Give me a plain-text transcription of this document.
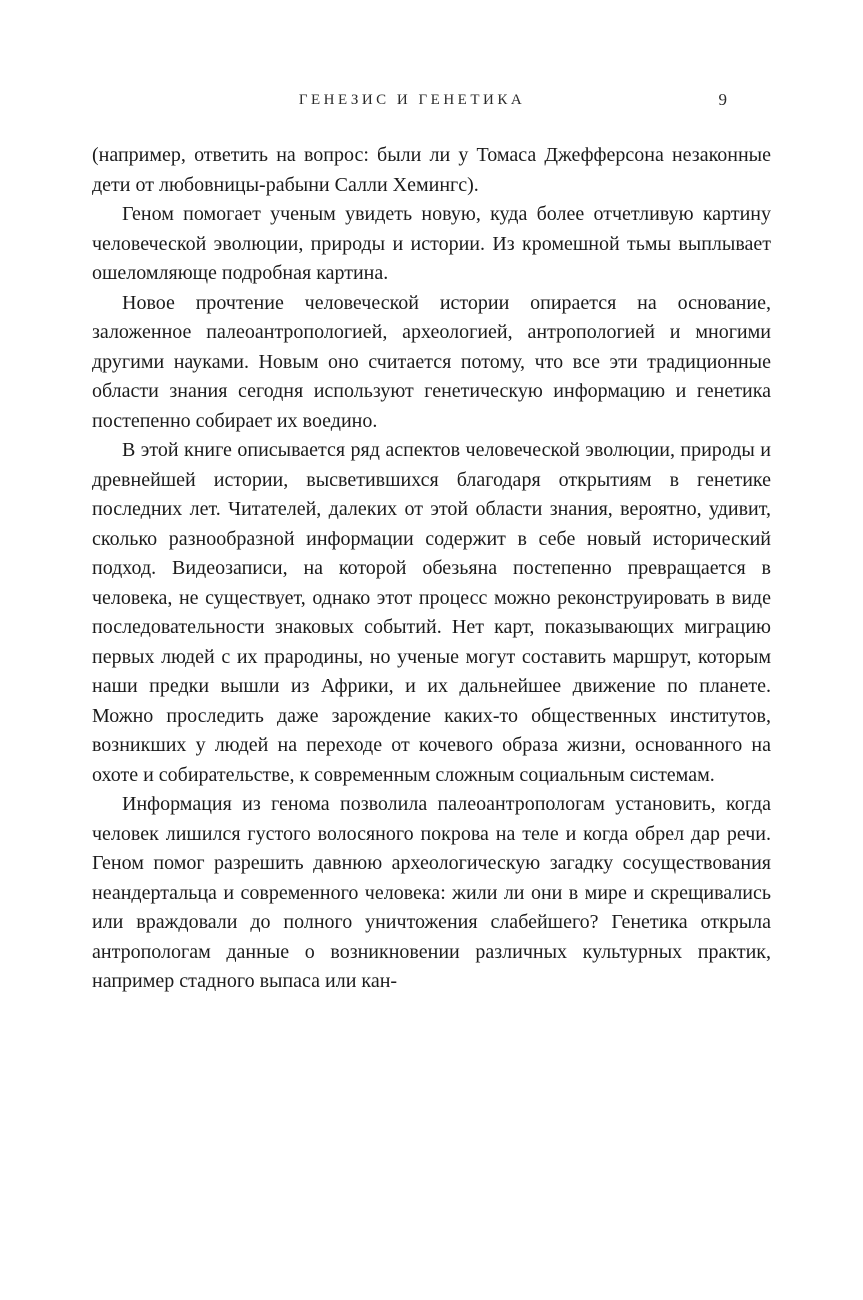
ГЕНЕЗИС И ГЕНЕТИКА	9

(например, ответить на вопрос: были ли у Томаса Джефферсона незаконные дети от любовницы-рабыни Салли Хемингс).

Геном помогает ученым увидеть новую, куда более отчетливую картину человеческой эволюции, природы и истории. Из кромешной тьмы выплывает ошеломляюще подробная картина.

Новое прочтение человеческой истории опирается на основание, заложенное палеоантропологией, археологией, антропологией и многими другими науками. Новым оно считается потому, что все эти традиционные области знания сегодня используют генетическую информацию и генетика постепенно собирает их воедино.

В этой книге описывается ряд аспектов человеческой эволюции, природы и древнейшей истории, высветившихся благодаря открытиям в генетике последних лет. Читателей, далеких от этой области знания, вероятно, удивит, сколько разнообразной информации содержит в себе новый исторический подход. Видеозаписи, на которой обезьяна постепенно превращается в человека, не существует, однако этот процесс можно реконструировать в виде последовательности знаковых событий. Нет карт, показывающих миграцию первых людей с их прародины, но ученые могут составить маршрут, которым наши предки вышли из Африки, и их дальнейшее движение по планете. Можно проследить даже зарождение каких-то общественных институтов, возникших у людей на переходе от кочевого образа жизни, основанного на охоте и собирательстве, к современным сложным социальным системам.

Информация из генома позволила палеоантропологам установить, когда человек лишился густого волосяного покрова на теле и когда обрел дар речи. Геном помог разрешить давнюю археологическую загадку сосуществования неандертальца и современного человека: жили ли они в мире и скрещивались или враждовали до полного уничтожения слабейшего? Генетика открыла антропологам данные о возникновении различных культурных практик, например стадного выпаса или кан-
